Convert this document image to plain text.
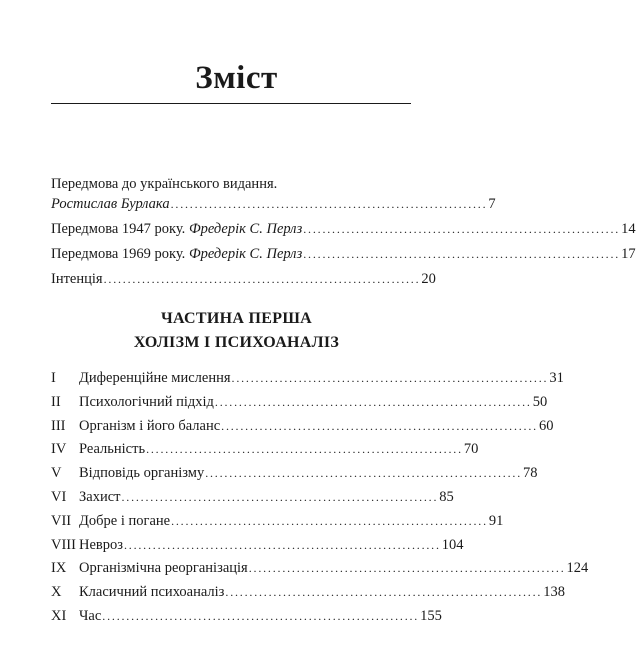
Зміст
Передмова до українського видання.
Ростислав Бурлака .................................................................. 7
Передмова 1947 року. Фредерік С. Перлз .................................................................. 14
Передмова 1969 року. Фредерік С. Перлз .................................................................. 17
Інтенція .................................................................. 20
ЧАСТИНА ПЕРША
ХОЛІЗМ І ПСИХОАНАЛІЗ
I	Диференційне мислення .................................................................. 31
II	Психологічний підхід .................................................................. 50
III Організм і його баланс .................................................................. 60
IV Реальність .................................................................. 70
V	Відповідь організму .................................................................. 78
VI Захист .................................................................. 85
VII Добре і погане .................................................................. 91
VIII Невроз .................................................................. 104
IX Організмічна реорганізація .................................................................. 124
X	Класичний психоаналіз .................................................................. 138
XI Час .................................................................. 155
